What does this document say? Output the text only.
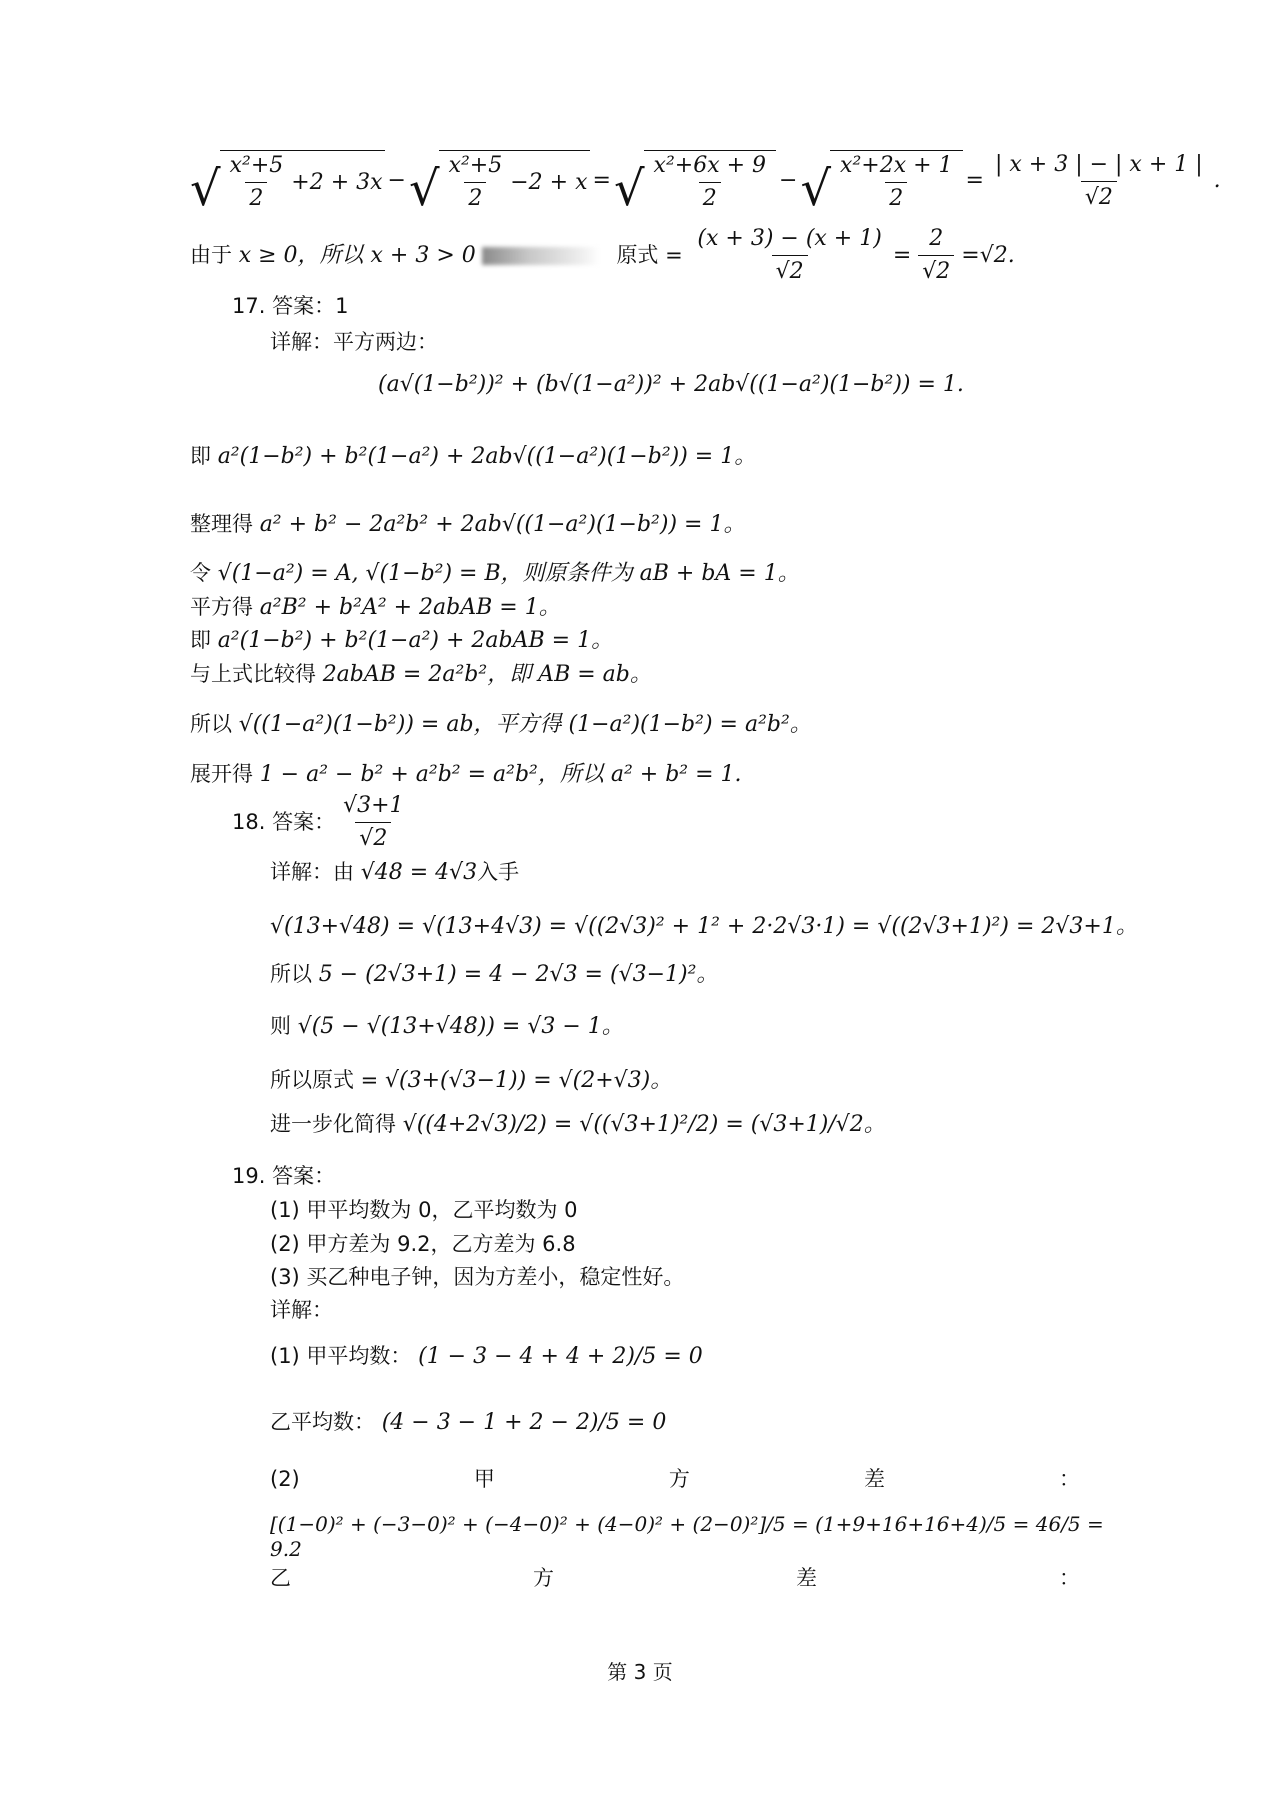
√ $\frac{\text{x²+5}}{2} +2 + 3x$ − √ $\frac{\text{x²+5}}{2} -2 + x$ = √ $\frac{\text{x²+6x + 9}}{2}$ − √ $\frac{\text{x²+2x + 1}}{2} = \frac{| x + 3 | - | x + 1 |}{√2}$ .
由于 x ≥ 0，所以 x + 3 > 0	原式 = $\frac{(x + 3) - (x + 1)}{√2} = \frac{2}{√2} =√2$.
17. 答案：1
详解：平方两边：
(a√(1−b²))² + (b√(1−a²))² + 2ab√((1−a²)(1−b²)) = 1.
即 a²(1−b²) + b²(1−a²) + 2ab√((1−a²)(1−b²)) = 1。
整理得 a² + b² − 2a²b² + 2ab√((1−a²)(1−b²)) = 1。
令 √(1−a²) = A, √(1−b²) = B，则原条件为 aB + bA = 1。
平方得 a²B² + b²A² + 2abAB = 1。
即 a²(1−b²) + b²(1−a²) + 2abAB = 1。
与上式比较得 2abAB = 2a²b²，即 AB = ab。
所以 √((1−a²)(1−b²)) = ab，平方得 (1−a²)(1−b²) = a²b²。
展开得 1 − a² − b² + a²b² = a²b²，所以 a² + b² = 1.
18. 答案： $\frac{√3+1}{√2}$
详解：由 √48 = 4√3入手
√(13+√48) = √(13+4√3) = √((2√3)² + 1² + 2·2√3·1) = √((2√3+1)²) = 2√3+1。
所以 5 − (2√3+1) = 4 − 2√3 = (√3−1)²。
则 √(5 − √(13+√48)) = √3 − 1。
所以原式 = √(3+(√3−1)) = √(2+√3)。
进一步化简得 √((4+2√3)/2) = √((√3+1)²/2) = (√3+1)/√2。
19. 答案：
(1) 甲平均数为 0，乙平均数为 0
(2) 甲方差为 9.2，乙方差为 6.8
(3) 买乙种电子钟，因为方差小，稳定性好。
详解：
(1) 甲平均数： (1 − 3 − 4 + 4 + 2)/5 = 0
乙平均数： (4 − 3 − 1 + 2 − 2)/5 = 0
(2)	甲	方	差	：
[(1−0)² + (−3−0)² + (−4−0)² + (4−0)² + (2−0)²]/5 = (1+9+16+16+4)/5 = 46/5 = 9.2
乙	方	差	：
第 3 页
